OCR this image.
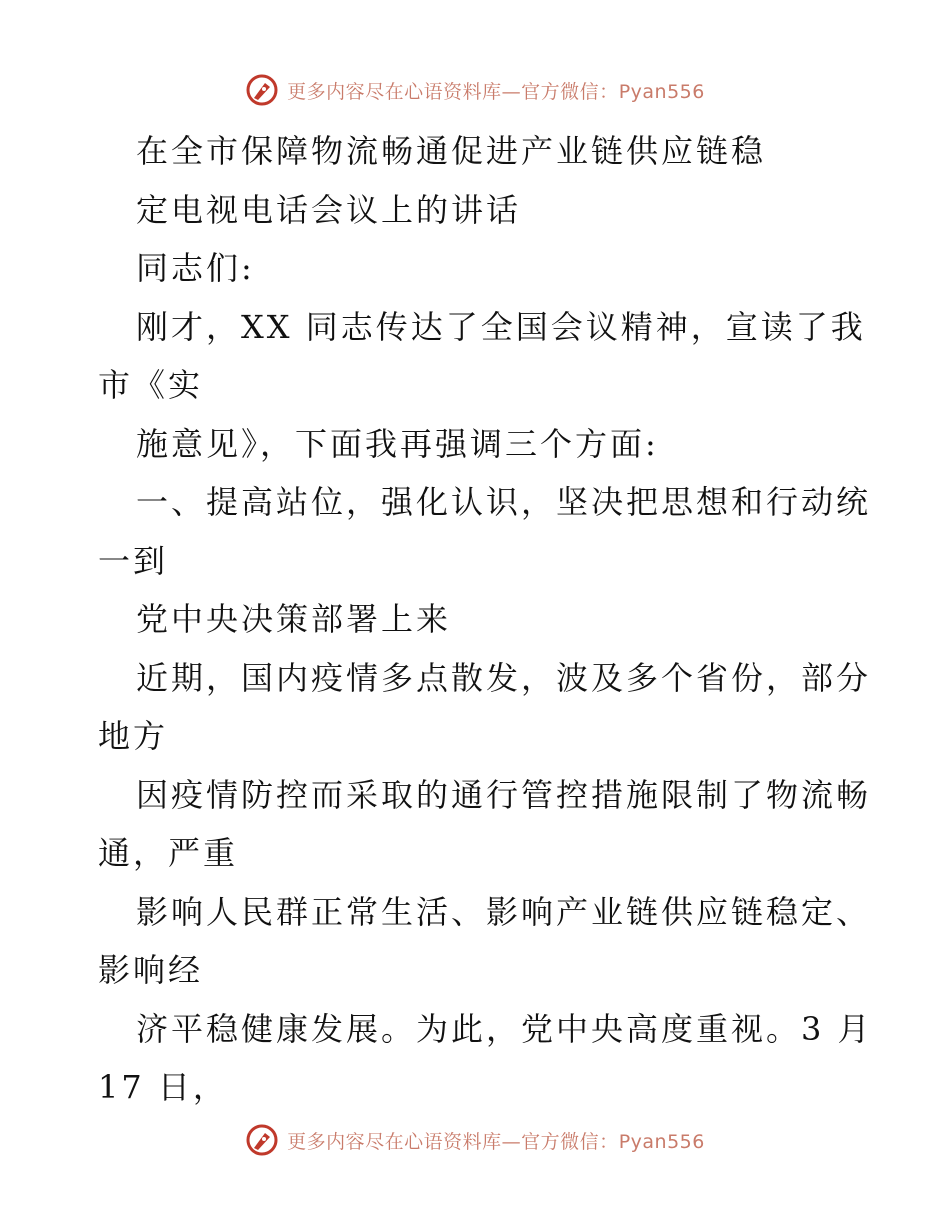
更多内容尽在心语资料库—官方微信：Pyan556
在全市保障物流畅通促进产业链供应链稳
定电视电话会议上的讲话
同志们:
刚才，XX 同志传达了全国会议精神，宣读了我
市《实
施意见》，下面我再强调三个方面:
一、提高站位，强化认识，坚决把思想和行动统
一到
党中央决策部署上来
近期，国内疫情多点散发，波及多个省份，部分
地方
因疫情防控而采取的通行管控措施限制了物流畅
通，严重
影响人民群正常生活、影响产业链供应链稳定、
影响经
济平稳健康发展。为此，党中央高度重视。3 月
17 日，
更多内容尽在心语资料库—官方微信：Pyan556
